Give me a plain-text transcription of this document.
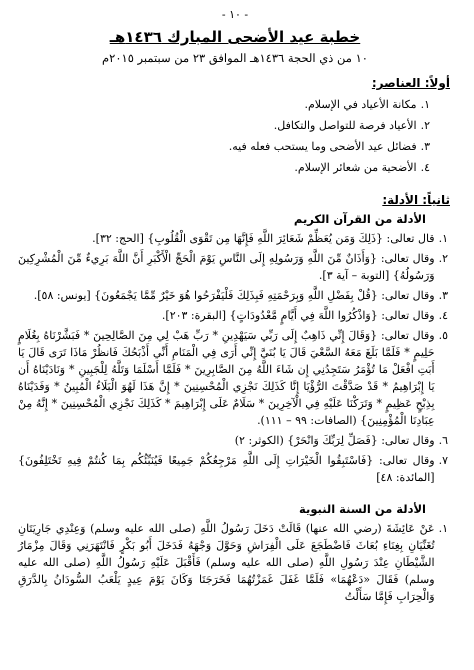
- ١٠ -
خطبة عيد الأضحى المبارك ١٤٣٦هـ
١٠ من ذي الحجة ١٤٣٦هـ الموافق ٢٣ من سبتمبر ٢٠١٥م
أولاً: العناصر:
١.
مكانة الأعياد في الإسلام.
٢.
الأعياد فرصة للتواصل والتكافل.
٣.
فضائل عيد الأضحى وما يستحب فعله فيه.
٤.
الأضحية من شعائر الإسلام.
ثانياً: الأدلة:
الأدلة من القرآن الكريم
١.
قال تعالى: {ذَلِكَ وَمَن يُعَظِّمْ شَعَائِرَ اللَّهِ فَإِنَّهَا مِن تَقْوَى الْقُلُوبِ} [الحج: ٣٢].
٢.
وقال تعالى: {وَأَذَانٌ مِّنَ اللَّهِ وَرَسُولِهِ إِلَى النَّاسِ يَوْمَ الْحَجِّ الْأَكْبَرِ أَنَّ اللَّهَ بَرِيءٌ مِّنَ الْمُشْرِكِينَ وَرَسُولُهُ} [التوبة – آية ٣].
٣.
وقال تعالى: {قُلْ بِفَضْلِ اللَّهِ وَبِرَحْمَتِهِ فَبِذَلِكَ فَلْيَفْرَحُوا هُوَ خَيْرٌ مِّمَّا يَجْمَعُونَ} [يونس: ٥٨].
٤.
وقال تعالى: {وَاذْكُرُوا اللَّهَ فِي أَيَّامٍ مَّعْدُودَاتٍ} [البقرة: ٢٠٣].
٥.
وقال تعالى: {وَقَالَ إِنِّي ذَاهِبٌ إِلَى رَبِّي سَيَهْدِينِ * رَبِّ هَبْ لِي مِنَ الصَّالِحِينَ * فَبَشَّرْنَاهُ بِغُلَامٍ حَلِيمٍ * فَلَمَّا بَلَغَ مَعَهُ السَّعْيَ قَالَ يَا بُنَيَّ إِنِّي أَرَى فِي الْمَنَامِ أَنِّي أَذْبَحُكَ فَانظُرْ مَاذَا تَرَى قَالَ يَا أَبَتِ افْعَلْ مَا تُؤْمَرُ سَتَجِدُنِي إِن شَاءَ اللَّهُ مِنَ الصَّابِرِينَ * فَلَمَّا أَسْلَمَا وَتَلَّهُ لِلْجَبِينِ * وَنَادَيْنَاهُ أَن يَا إِبْرَاهِيمُ * قَدْ صَدَّقْتَ الرُّؤْيَا إِنَّا كَذَلِكَ نَجْزِي الْمُحْسِنِينَ * إِنَّ هَذَا لَهُوَ الْبَلَاءُ الْمُبِينُ * وَفَدَيْنَاهُ بِذِبْحٍ عَظِيمٍ * وَتَرَكْنَا عَلَيْهِ فِي الْآخِرِينَ * سَلَامٌ عَلَى إِبْرَاهِيمَ * كَذَلِكَ نَجْزِي الْمُحْسِنِينَ * إِنَّهُ مِنْ عِبَادِنَا الْمُؤْمِنِينَ} (الصافات: ٩٩ – ١١١).
٦.
وقال تعالى: {فَصَلِّ لِرَبِّكَ وَانْحَرْ} (الكوثر: ٢)
٧.
وقال تعالى: {فَاسْتَبِقُوا الْخَيْرَاتِ إِلَى اللَّهِ مَرْجِعُكُمْ جَمِيعًا فَيُنَبِّئُكُم بِمَا كُنتُمْ فِيهِ تَخْتَلِفُونَ} [المائدة: ٤٨]
الأدلة من السنة النبوية
١.
عَنْ عَائِشَةَ (رضي الله عنها) قَالَتْ دَخَلَ رَسُولُ اللَّهِ (صلى الله عليه وسلم) وَعِنْدِي جَارِيَتَانِ تُغَنِّيَانِ بِغِنَاءِ بُعَاثَ فَاضْطَجَعَ عَلَى الْفِرَاشِ وَحَوَّلَ وَجْهَهُ فَدَخَلَ أَبُو بَكْرٍ فَانْتَهَرَنِي وَقَالَ مِزْمَارُ الشَّيْطَانِ عِنْدَ رَسُولِ اللَّهِ (صلى الله عليه وسلم) فَأَقْبَلَ عَلَيْهِ رَسُولُ اللَّهِ (صلى الله عليه وسلم) فَقَالَ «دَعْهُمَا» فَلَمَّا غَفَلَ غَمَزْتُهُمَا فَخَرَجَتَا وَكَانَ يَوْمَ عِيدٍ يَلْعَبُ السُّودَانُ بِالدَّرَقِ وَالْحِرَابِ فَإِمَّا سَأَلْتُ
